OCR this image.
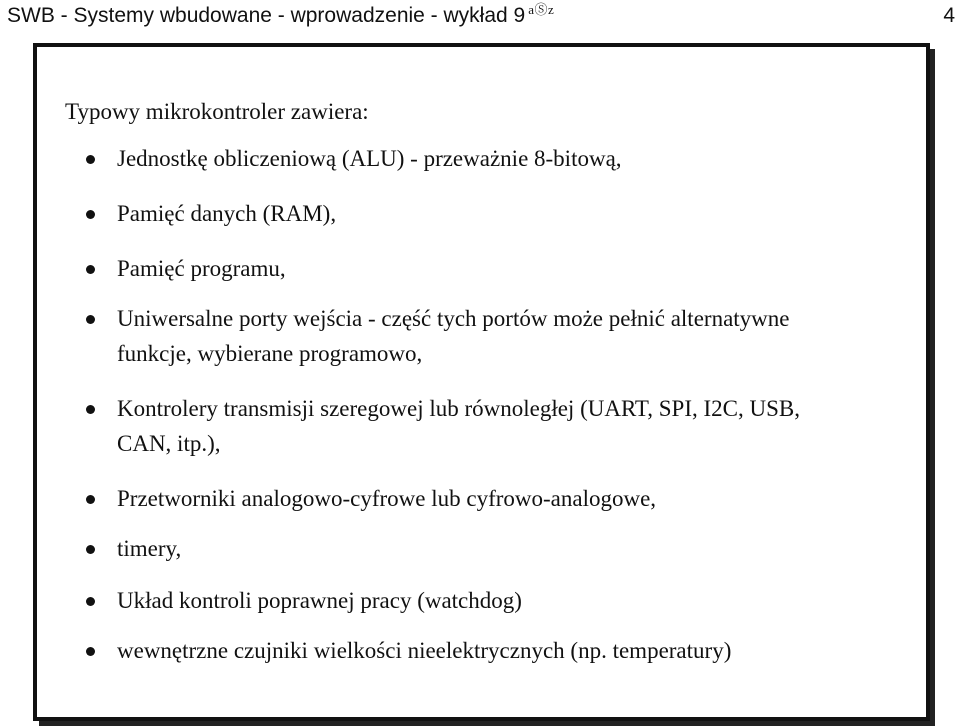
SWB - Systemy wbudowane - wprowadzenie - wykład 9 $^{aⓈz}$	4
Typowy mikrokontroler zawiera:
Jednostkę obliczeniową (ALU) - przeważnie 8-bitową,
Pamięć danych (RAM),
Pamięć programu,
Uniwersalne porty wejścia - część tych portów może pełnić alternatywne
funkcje, wybierane programowo,
Kontrolery transmisji szeregowej lub równoległej (UART, SPI, I2C, USB,
CAN, itp.),
Przetworniki analogowo-cyfrowe lub cyfrowo-analogowe,
timery,
Układ kontroli poprawnej pracy (watchdog)
wewnętrzne czujniki wielkości nieelektrycznych (np. temperatury)
